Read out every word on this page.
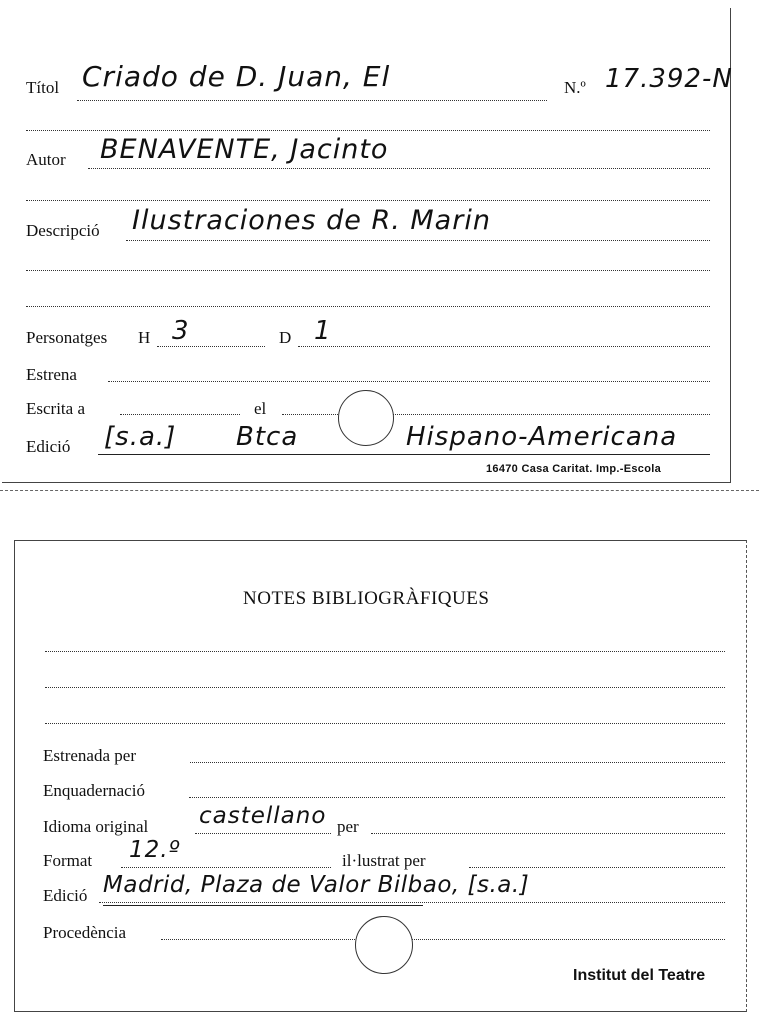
Títol Criado de D. Juan, El	N.º 17.392-N
Autor BENAVENTE, Jacinto
Descripció Ilustraciones de R. Marin
Personatges H 3	D 1
Estrena
Escrita a	el
Edició [s.a.] Btca	Hispano-Americana
16470 Casa Caritat. Imp.-Escola
NOTES BIBLIOGRÀFIQUES
Estrenada per
Enquadernació
Idioma original castellano per
Format 12.º	il·lustrat per
Edició Madrid, Plaza de Valor Bilbao, [s.a.]
Procedència
Institut del Teatre
